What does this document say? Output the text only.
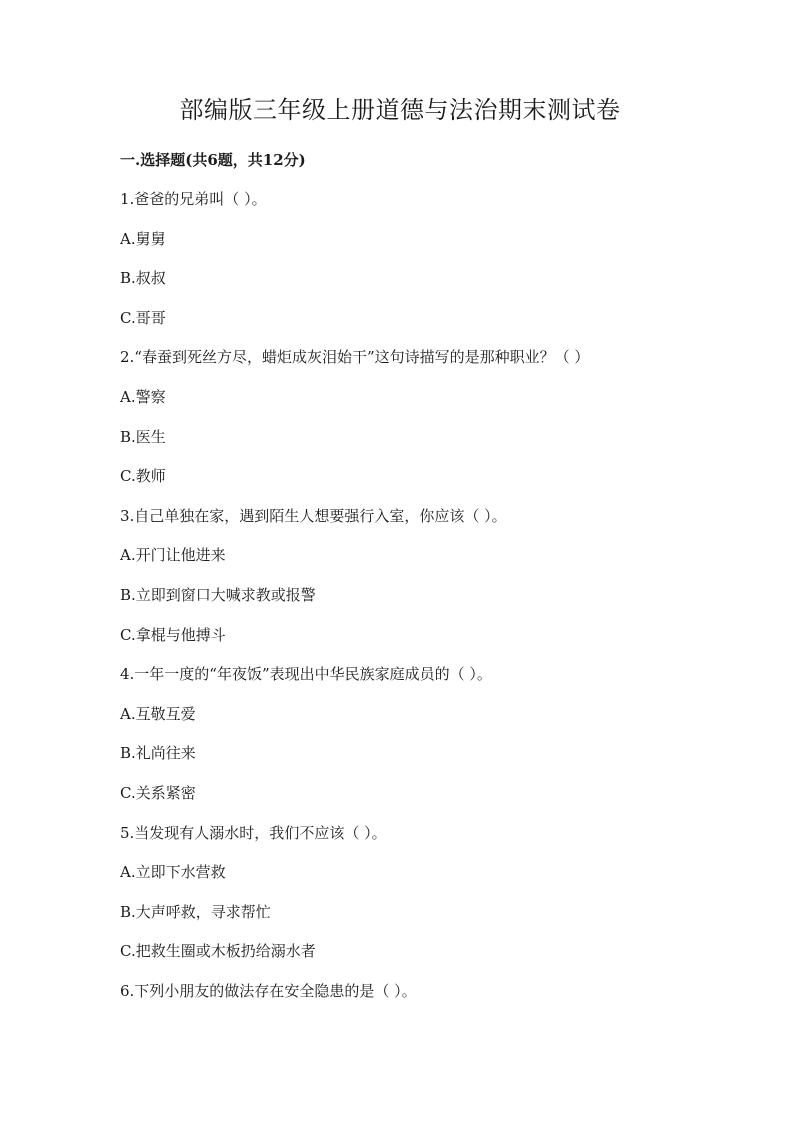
部编版三年级上册道德与法治期末测试卷
一.选择题(共6题，共12分)
1.爸爸的兄弟叫（ ）。
A.舅舅
B.叔叔
C.哥哥
2.“春蚕到死丝方尽，蜡炬成灰泪始干”这句诗描写的是那种职业？（ ）
A.警察
B.医生
C.教师
3.自己单独在家，遇到陌生人想要强行入室，你应该（ ）。
A.开门让他进来
B.立即到窗口大喊求教或报警
C.拿棍与他搏斗
4.一年一度的“年夜饭”表现出中华民族家庭成员的（ ）。
A.互敬互爱
B.礼尚往来
C.关系紧密
5.当发现有人溺水时，我们不应该（ ）。
A.立即下水营救
B.大声呼救，寻求帮忙
C.把救生圈或木板扔给溺水者
6.下列小朋友的做法存在安全隐患的是（ ）。
